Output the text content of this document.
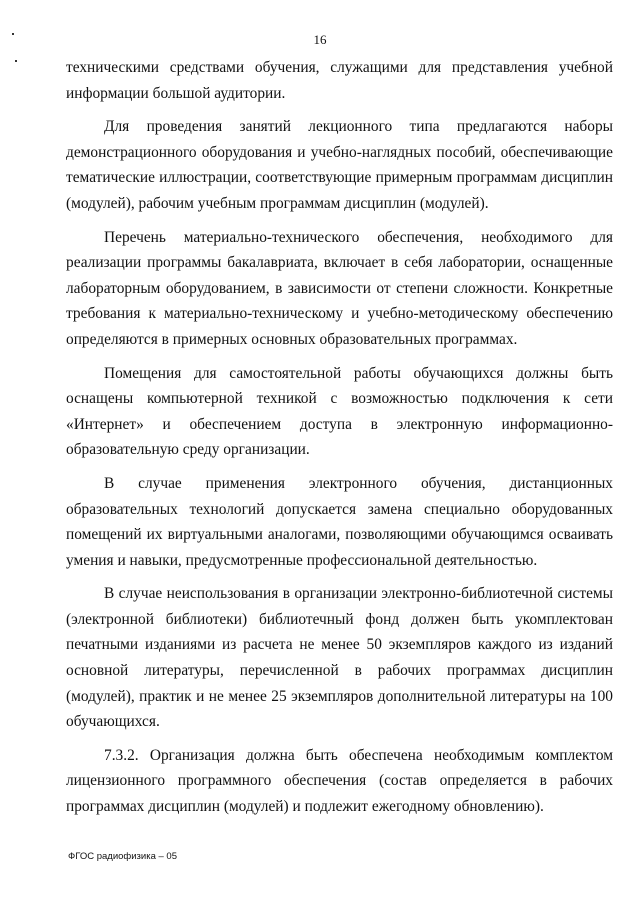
16

техническими средствами обучения, служащими для представления учебной информации большой аудитории.

Для проведения занятий лекционного типа предлагаются наборы демонстрационного оборудования и учебно-наглядных пособий, обеспечивающие тематические иллюстрации, соответствующие примерным программам дисциплин (модулей), рабочим учебным программам дисциплин (модулей).

Перечень материально-технического обеспечения, необходимого для реализации программы бакалавриата, включает в себя лаборатории, оснащенные лабораторным оборудованием, в зависимости от степени сложности. Конкретные требования к материально-техническому и учебно-методическому обеспечению определяются в примерных основных образовательных программах.

Помещения для самостоятельной работы обучающихся должны быть оснащены компьютерной техникой с возможностью подключения к сети «Интернет» и обеспечением доступа в электронную информационно-образовательную среду организации.

В случае применения электронного обучения, дистанционных образовательных технологий допускается замена специально оборудованных помещений их виртуальными аналогами, позволяющими обучающимся осваивать умения и навыки, предусмотренные профессиональной деятельностью.

В случае неиспользования в организации электронно-библиотечной системы (электронной библиотеки) библиотечный фонд должен быть укомплектован печатными изданиями из расчета не менее 50 экземпляров каждого из изданий основной литературы, перечисленной в рабочих программах дисциплин (модулей), практик и не менее 25 экземпляров дополнительной литературы на 100 обучающихся.

7.3.2. Организация должна быть обеспечена необходимым комплектом лицензионного программного обеспечения (состав определяется в рабочих программах дисциплин (модулей) и подлежит ежегодному обновлению).

ФГОС радиофизика – 05
